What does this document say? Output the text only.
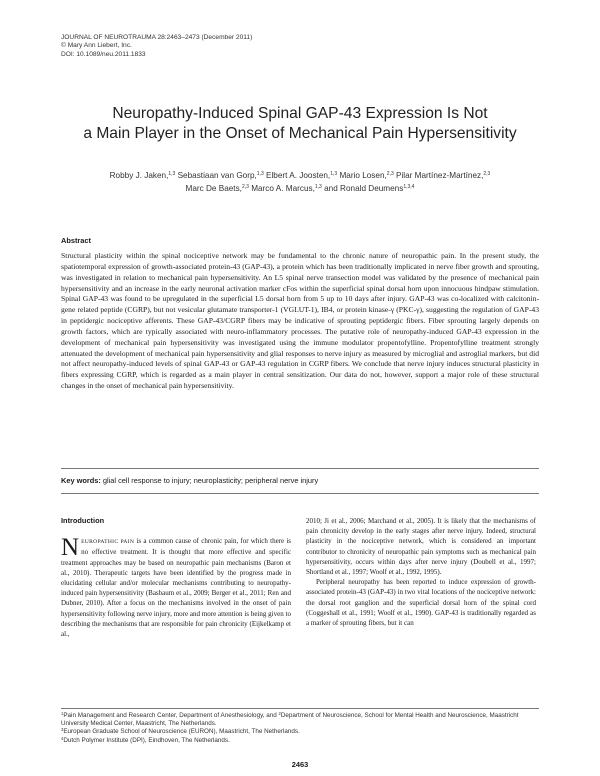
JOURNAL OF NEUROTRAUMA 28:2463–2473 (December 2011)
© Mary Ann Liebert, Inc.
DOI: 10.1089/neu.2011.1833
Neuropathy-Induced Spinal GAP-43 Expression Is Not
a Main Player in the Onset of Mechanical Pain Hypersensitivity
Robby J. Jaken,$^{1,3}$ Sebastiaan van Gorp,$^{1,3}$ Elbert A. Joosten,$^{1,3}$ Mario Losen,$^{2,3}$ Pilar Martínez-Martínez,$^{2,3}$
Marc De Baets,$^{2,3}$ Marco A. Marcus,$^{1,3}$ and Ronald Deumens$^{1,3,4}$
Abstract
Structural plasticity within the spinal nociceptive network may be fundamental to the chronic nature of neuropathic pain. In the present study, the spatiotemporal expression of growth-associated protein-43 (GAP-43), a protein which has been traditionally implicated in nerve fiber growth and sprouting, was investigated in relation to mechanical pain hypersensitivity. An L5 spinal nerve transection model was validated by the presence of mechanical pain hypersensitivity and an increase in the early neuronal activation marker cFos within the superficial spinal dorsal horn upon innocuous hindpaw stimulation. Spinal GAP-43 was found to be upregulated in the superficial L5 dorsal horn from 5 up to 10 days after injury. GAP-43 was co-localized with calcitonin-gene related peptide (CGRP), but not vesicular glutamate transporter-1 (VGLUT-1), IB4, or protein kinase-γ (PKC-γ), suggesting the regulation of GAP-43 in peptidergic nociceptive afferents. These GAP-43/CGRP fibers may be indicative of sprouting peptidergic fibers. Fiber sprouting largely depends on growth factors, which are typically associated with neuro-inflammatory processes. The putative role of neuropathy-induced GAP-43 expression in the development of mechanical pain hypersensitivity was investigated using the immune modulator propentofylline. Propentofylline treatment strongly attenuated the development of mechanical pain hypersensitivity and glial responses to nerve injury as measured by microglial and astroglial markers, but did not affect neuropathy-induced levels of spinal GAP-43 or GAP-43 regulation in CGRP fibers. We conclude that nerve injury induces structural plasticity in fibers expressing CGRP, which is regarded as a main player in central sensitization. Our data do not, however, support a major role of these structural changes in the onset of mechanical pain hypersensitivity.
Key words: glial cell response to injury; neuroplasticity; peripheral nerve injury
Introduction

NEUROPATHIC PAIN is a common cause of chronic pain, for which there is no effective treatment. It is thought that more effective and specific treatment approaches may be based on neuropathic pain mechanisms (Baron et al., 2010). Therapeutic targets have been identified by the progress made in elucidating cellular and/or molecular mechanisms contributing to neuropathy-induced pain hypersensitivity (Basbaum et al., 2009; Berger et al., 2011; Ren and Dubner, 2010). After a focus on the mechanisms involved in the onset of pain hypersensitivity following nerve injury, more and more attention is being given to describing the mechanisms that are responsible for pain chronicity (Eijkelkamp et al.,

2010; Ji et al., 2006; Marchand et al., 2005). It is likely that the mechanisms of pain chronicity develop in the early stages after nerve injury. Indeed, structural plasticity in the nociceptive network, which is considered an important contributor to chronicity of neuropathic pain symptoms such as mechanical pain hypersensitivity, occurs within days after nerve injury (Doubell et al., 1997; Shortland et al., 1997; Woolf et al., 1992, 1995).

Peripheral neuropathy has been reported to induce expression of growth-associated protein-43 (GAP-43) in two vital locations of the nociceptive network: the dorsal root ganglion and the superficial dorsal horn of the spinal cord (Coggeshall et al., 1991; Woolf et al., 1990). GAP-43 is traditionally regarded as a marker of sprouting fibers, but it can

$^1$Pain Management and Research Center, Department of Anesthesiology, and $^2$Department of Neuroscience, School for Mental Health and Neuroscience, Maastricht University Medical Center, Maastricht, The Netherlands.

$^3$European Graduate School of Neuroscience (EURON), Maastricht, The Netherlands.

$^4$Dutch Polymer Institute (DPI), Eindhoven, The Netherlands.

2463
